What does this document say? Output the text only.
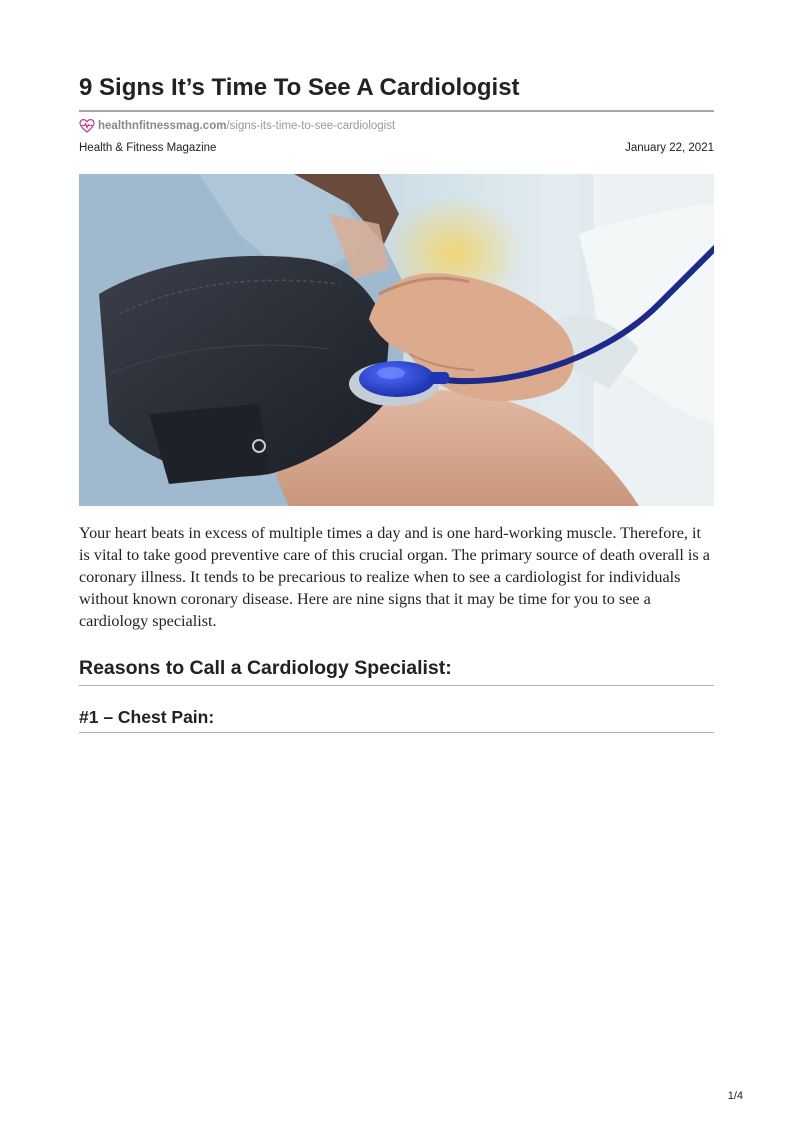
9 Signs It’s Time To See A Cardiologist
healthnfitnessmag.com /signs-its-time-to-see-cardiologist
Health & Fitness Magazine	January 22, 2021

Your heart beats in excess of multiple times a day and is one hard-working muscle. Therefore, it is vital to take good preventive care of this crucial organ. The primary source of death overall is a coronary illness. It tends to be precarious to realize when to see a cardiologist for individuals without known coronary disease. Here are nine signs that it may be time for you to see a cardiology specialist.

Reasons to Call a Cardiology Specialist:
#1 – Chest Pain:
1/4
